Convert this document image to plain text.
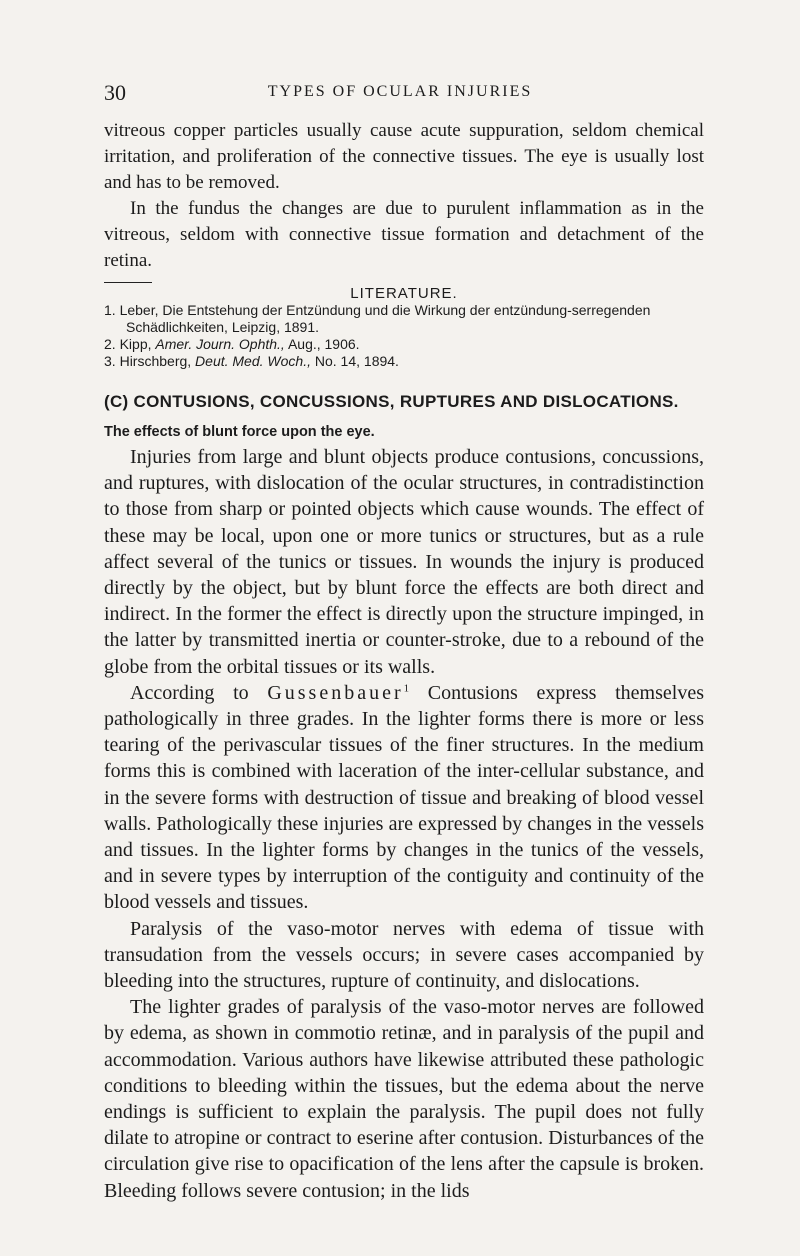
30	TYPES OF OCULAR INJURIES

vitreous copper particles usually cause acute suppuration, seldom chemical irritation, and proliferation of the connective tissues. The eye is usually lost and has to be removed.

In the fundus the changes are due to purulent inflammation as in the vitreous, seldom with connective tissue formation and detachment of the retina.

LITERATURE.
1. Leber, Die Entstehung der Entzündung und die Wirkung der entzündung-serregenden Schädlichkeiten, Leipzig, 1891.
2. Kipp, Amer. Journ. Ophth., Aug., 1906.
3. Hirschberg, Deut. Med. Woch., No. 14, 1894.
(C) CONTUSIONS, CONCUSSIONS, RUPTURES AND DISLOCATIONS.
The effects of blunt force upon the eye.

Injuries from large and blunt objects produce contusions, concussions, and ruptures, with dislocation of the ocular structures, in contradistinction to those from sharp or pointed objects which cause wounds. The effect of these may be local, upon one or more tunics or structures, but as a rule affect several of the tunics or tissues. In wounds the injury is produced directly by the object, but by blunt force the effects are both direct and indirect. In the former the effect is directly upon the structure impinged, in the latter by transmitted inertia or counter-stroke, due to a rebound of the globe from the orbital tissues or its walls.

According to Gussenbauer$^1$ Contusions express themselves pathologically in three grades. In the lighter forms there is more or less tearing of the perivascular tissues of the finer structures. In the medium forms this is combined with laceration of the inter-cellular substance, and in the severe forms with destruction of tissue and breaking of blood vessel walls. Pathologically these injuries are expressed by changes in the vessels and tissues. In the lighter forms by changes in the tunics of the vessels, and in severe types by interruption of the contiguity and continuity of the blood vessels and tissues.

Paralysis of the vaso-motor nerves with edema of tissue with transudation from the vessels occurs; in severe cases accompanied by bleeding into the structures, rupture of continuity, and dislocations.

The lighter grades of paralysis of the vaso-motor nerves are followed by edema, as shown in commotio retinæ, and in paralysis of the pupil and accommodation. Various authors have likewise attributed these pathologic conditions to bleeding within the tissues, but the edema about the nerve endings is sufficient to explain the paralysis. The pupil does not fully dilate to atropine or contract to eserine after contusion. Disturbances of the circulation give rise to opacification of the lens after the capsule is broken. Bleeding follows severe contusion; in the lids
